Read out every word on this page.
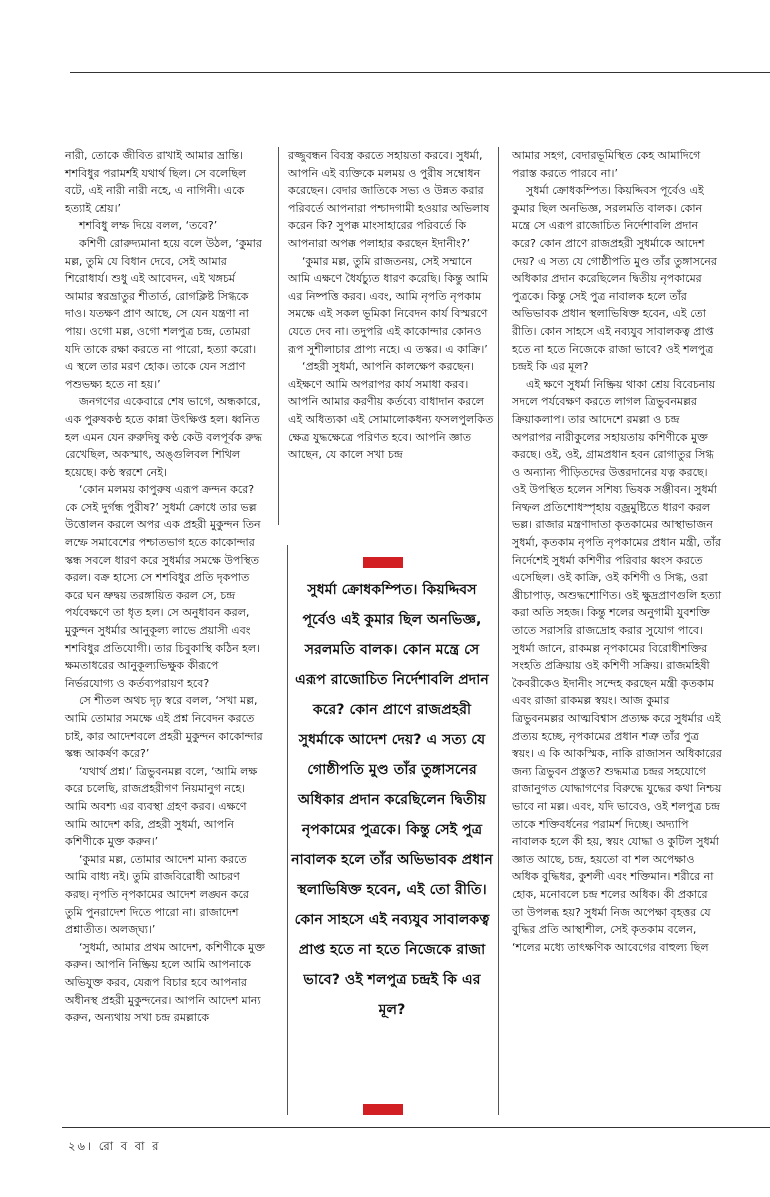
নারী, তোকে জীবিত রাখাই আমার ভ্রান্তি। শশবিধুর পরামর্শই যথার্থ ছিল। সে বলেছিল বটে, এই নারী নারী নহে, এ নাগিনী। একে হত্যাই শ্রেয়।’

শশবিধু লম্ফ দিয়ে বলল, ‘তবে?’

কশিণী রোরুদ্যমানা হয়ে বলে উঠল, ‘কুমার মল্ল, তুমি যে বিধান দেবে, সেই আমার শিরোধার্য। শুধু এই আবেদন, এই খঙ্গচর্ম আমার স্বরভ্রাতুর শীতার্ত, রোগক্লিষ্ট সিগ্ধকে দাও। যতক্ষণ প্রাণ আছে, সে যেন যন্ত্রণা না পায়। ওগো মল্ল, ওগো শলপুত্র চন্দ্র, তোমরা যদি তাকে রক্ষা করতে না পারো, হত্যা করো। এ স্থলে তার মরণ হোক। তাকে যেন সপ্রাণ পশুভক্ষ্য হতে না হয়।’

জনগণের একেবারে শেষ ভাগে, অন্ধকারে, এক পুরুষকণ্ঠ হতে কান্না উৎক্ষিপ্ত হল। ধ্বনিত হল এমন যেন রুরুদিষু কণ্ঠ কেউ বলপূর্বক রুদ্ধ রেখেছিল, অকস্মাৎ, অঙ্গুলিবল শিথিল হয়েছে। কণ্ঠ স্বরশে নেই।

‘কোন মলময় কাপুরুষ এরূপ ক্রন্দন করে? কে সেই দুর্গন্ধ পুরীষ?’ সুধর্মা ক্রোধে তার ভল্ল উত্তোলন করলে অপর এক প্রহরী মুকুন্দন তিন লম্ফে সমাবেশের পশ্চাতভাগ হতে কাকোন্দার স্কন্ধ সবলে ধারণ করে সুধর্মার সমক্ষে উপস্থিত করল। বক্র হাস্যে সে শশবিধুর প্রতি দৃকপাত করে ঘন ভ্রুদ্বয় তরঙ্গায়িত করল সে, চন্দ্র পর্যবেক্ষণে তা ধৃত হল। সে অনুধাবন করল, মুকুন্দন সুধর্মার আনুকূল্য লাভে প্রয়াসী এবং শশবিধুর প্রতিযোগী। তার চিবুকাস্থি কঠিন হল। ক্ষমতাধরের আনুকূল্যভিক্ষুক কীরূপে নির্ভরযোগ্য ও কর্তব্যপরায়ণ হবে?

সে শীতল অথচ দৃঢ় স্বরে বলল, ‘সখা মল্ল, আমি তোমার সমক্ষে এই প্রশ্ন নিবেদন করতে চাই, কার আদেশবলে প্রহরী মুকুন্দন কাকোন্দার স্কন্ধ আকর্ষণ করে?’

‘যথার্থ প্রশ্ন।’ ত্রিভুবনমল্ল বলে, ‘আমি লক্ষ করে চলেছি, রাজপ্রহরীগণ নিয়মানুগ নহে। আমি অবশ্য এর ব্যবস্থা গ্রহণ করব। এক্ষণে আমি আদেশ করি, প্রহরী সুধর্মা, আপনি কশিণীকে মুক্ত করুন।’

‘কুমার মল্ল, তোমার আদেশ মান্য করতে আমি বাধ্য নই। তুমি রাজবিরোধী আচরণ করছ। নৃপতি নৃপকামের আদেশ লঙ্ঘন করে তুমি পুনরাদেশ দিতে পারো না। রাজাদেশ প্রশ্নাতীত। অলজ্ঘ্য।’

‘সুধর্মা, আমার প্রথম আদেশ, কশিণীকে মুক্ত করুন। আপনি নিষ্ক্রিয় হলে আমি আপনাকে অভিযুক্ত করব, যেরূপ বিচার হবে আপনার অধীনস্থ প্রহরী মুকুন্দনের। আপনি আদেশ মান্য করুন, অন্যথায় সখা চন্দ্র রমল্লাকে

রজ্জুবন্ধন বিবস্ত্র করতে সহায়তা করবে। সুধর্মা, আপনি এই ব্যক্তিকে মলময় ও পুরীষ সম্বোধন করেছেন। বেদার জাতিকে সভ্য ও উন্নত করার পরিবর্তে আপনারা পশ্চাদগামী হওয়ার অভিলাষ করেন কি? সুপক্ক মাংসাহারের পরিবর্তে কি আপনারা অপক্ক পলাহার করছেন ইদানীং?’

‘কুমার মল্ল, তুমি রাজতনয়, সেই সম্মানে আমি এক্ষণে ধৈর্যচ্যুত ধারণ করেছি। কিন্তু আমি এর নিষ্পত্তি করব। এবং, আমি নৃপতি নৃপকাম সমক্ষে এই সকল ভূমিকা নিবেদন কার্য বিস্মরণে যেতে দেব না। তদুপরি এই কাকোন্দার কোনও রূপ সুশীলাচার প্রাপ্য নহে। এ তস্কর। এ কাক্রি।’

‘প্রহরী সুধর্মা, আপনি কালক্ষেপ করছেন। এইক্ষণে আমি অপরাপর কার্য সমাধা করব। আপনি আমার করণীয় কর্তব্যে বাধাদান করলে এই অধিত্যকা এই সোমালোকধন্য ফসলপুলকিত ক্ষেত্র যুদ্ধক্ষেত্রে পরিণত হবে। আপনি জ্ঞাত আছেন, যে কালে সখা চন্দ্র

সুধর্মা ক্রোধকম্পিত। কিয়দ্দিবস পূর্বেও এই কুমার ছিল অনভিজ্ঞ, সরলমতি বালক। কোন মন্ত্রে সে এরূপ রাজোচিত নির্দেশাবলি প্রদান করে? কোন প্রাণে রাজপ্রহরী সুধর্মাকে আদেশ দেয়? এ সত্য যে গোষ্ঠীপতি মুণ্ড তাঁর তুঙ্গাসনের অধিকার প্রদান করেছিলেন দ্বিতীয় নৃপকামের পুত্রকে। কিন্তু সেই পুত্র নাবালক হলে তাঁর অভিভাবক প্রধান স্থলাভিষিক্ত হবেন, এই তো রীতি। কোন সাহসে এই নব্যযুব সাবালকত্ব প্রাপ্ত হতে না হতে নিজেকে রাজা ভাবে? ওই শলপুত্র চন্দ্রই কি এর মূল?

আমার সহগ, বেদারভূমিস্থিত কেহ আমাদিগে পরাস্ত করতে পারবে না।’

সুধর্মা ক্রোধকম্পিত। কিয়দ্দিবস পূর্বেও এই কুমার ছিল অনভিজ্ঞ, সরলমতি বালক। কোন মন্ত্রে সে এরূপ রাজোচিত নির্দেশাবলি প্রদান করে? কোন প্রাণে রাজপ্রহরী সুধর্মাকে আদেশ দেয়? এ সত্য যে গোষ্ঠীপতি মুণ্ড তাঁর তুঙ্গাসনের অধিকার প্রদান করেছিলেন দ্বিতীয় নৃপকামের পুত্রকে। কিন্তু সেই পুত্র নাবালক হলে তাঁর অভিভাবক প্রধান স্থলাভিষিক্ত হবেন, এই তো রীতি। কোন সাহসে এই নব্যযুব সাবালকত্ব প্রাপ্ত হতে না হতে নিজেকে রাজা ভাবে? ওই শলপুত্র চন্দ্রই কি এর মূল?

এই ক্ষণে সুধর্মা নিষ্ক্রিয় থাকা শ্রেয় বিবেচনায় সদলে পর্যবেক্ষণ করতে লাগল ত্রিভুবনমল্লর ক্রিয়াকলাপ। তার আদেশে রমল্লা ও চন্দ্র অপরাপর নারীকুলের সহায়তায় কশিণীকে মুক্ত করছে। ওই, ওই, গ্রামপ্রধান হবন রোগাতুর সিগ্ধ ও অন্যান্য পীড়িতদের উত্তরদানের যত্ন করছে। ওই উপস্থিত হলেন সশিষ্য ভিষক সঞ্জীবন। সুধর্মা নিষ্ফল প্রতিশোধস্পৃহায় বজ্রমুষ্টিতে ধারণ করল ভল্ল। রাজার মন্ত্রণাদাতা কৃতকামের আস্থাভাজন সুধর্মা, কৃতকাম নৃপতি নৃপকামের প্রধান মন্ত্রী, তাঁর নির্দেশেই সুধর্মা কশিণীর পরিবার ধ্বংস করতে এসেছিল। ওই কাক্রি, ওই কশিণী ও সিগ্ধ, ওরা খ্রীচাপাড়, অশুদ্ধশোণিত। ওই ক্ষুদ্রপ্রাণগুলি হত্যা করা অতি সহজ। কিন্তু শলের অনুগামী যুবশক্তি তাতে সরাসরি রাজদ্রোহ করার সুযোগ পাবে। সুধর্মা জানে, রাকমল্ল নৃপকামের বিরোধীশক্তির সংহতি প্রক্রিয়ায় ওই কশিণী সক্রিয়। রাজমহিষী কৈবরীকেও ইদানীং সন্দেহ করছেন মন্ত্রী কৃতকাম এবং রাজা রাকমল্ল স্বয়ং। আজ কুমার ত্রিভুবনমল্লর আত্মবিশ্বাস প্রত্যক্ষ করে সুধর্মার এই প্রত্যয় হচ্ছে, নৃপকামের প্রধান শত্রু তাঁর পুত্র স্বয়ং। এ কি আকস্মিক, নাকি রাজাসন অধিকারের জন্য ত্রিভুবন প্রস্তুত? শুদ্ধমাত্র চন্দ্রর সহযোগে রাজানুগত যোদ্ধাগণের বিরুদ্ধে যুদ্ধের কথা নিশ্চয় ভাবে না মল্ল। এবং, যদি ভাবেও, ওই শলপুত্র চন্দ্র তাকে শক্তিবর্ধনের পরামর্শ দিচ্ছে। অদ্যাপি নাবালক হলে কী হয়, স্বয়ং যোদ্ধা ও কুটিল সুধর্মা জ্ঞাত আছে, চন্দ্র, হয়তো বা শল অপেক্ষাও অধিক বুদ্ধিধর, কুশলী এবং শক্তিমান। শরীরে না হোক, মনোবলে চন্দ্র শলের অধিক। কী প্রকারে তা উপলব্ধ হয়? সুধর্মা নিজ অপেক্ষা বৃহত্তর যে বুদ্ধির প্রতি আস্থাশীল, সেই কৃতকাম বলেন, ‘শলের মধ্যে তাৎক্ষণিক আবেগের বাহুল্য ছিল

২৬। রো ব বা র
